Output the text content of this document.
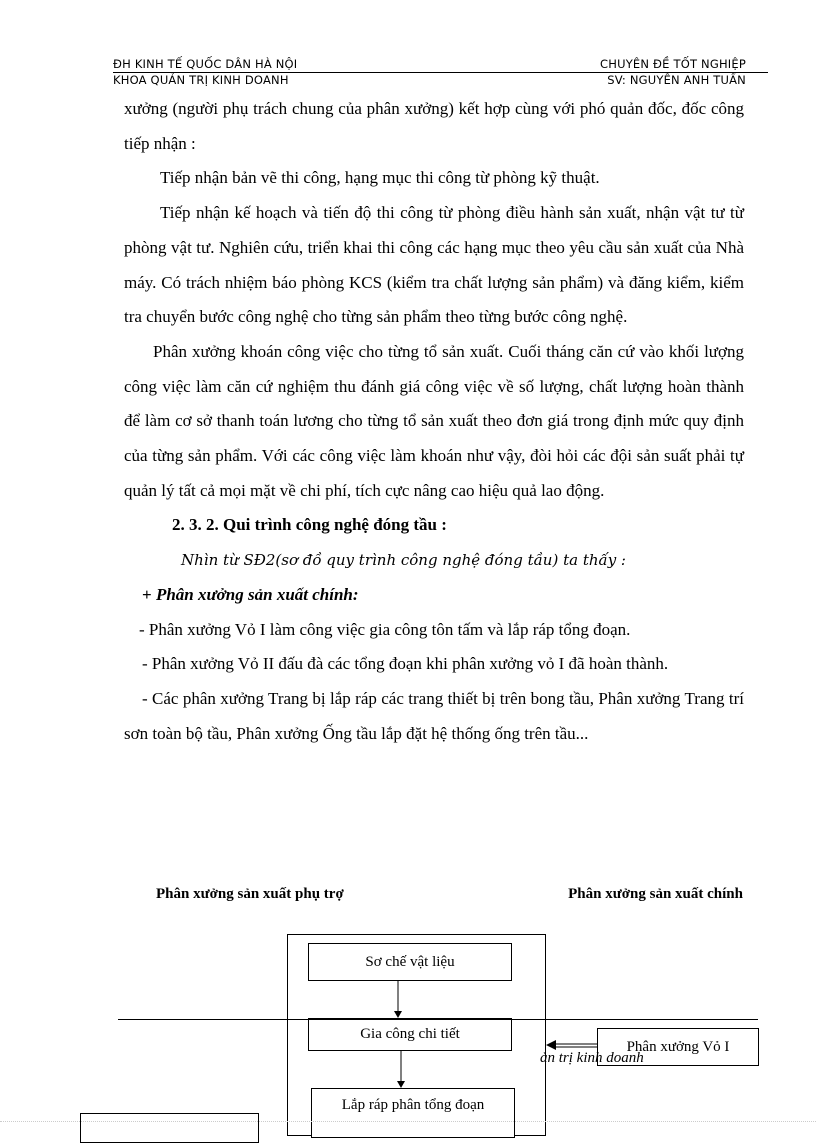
ĐH KINH TẾ QUỐC DÂN HÀ NỘI	CHUYÊN ĐỀ TỐT NGHIỆP
KHOA QUẢN TRỊ KINH DOANH	SV: NGUYỄN ANH TUẤN

xưởng (người phụ trách chung của phân xưởng) kết hợp cùng với phó quản đốc, đốc công tiếp nhận :

Tiếp nhận bản vẽ thi công, hạng mục thi công từ phòng kỹ thuật.

Tiếp nhận kế hoạch và tiến độ thi công từ phòng điều hành sản xuất, nhận vật tư từ phòng vật tư. Nghiên cứu, triển khai thi công các hạng mục theo yêu cầu sản xuất của Nhà máy. Có trách nhiệm báo phòng KCS (kiểm tra chất lượng sản phẩm) và đăng kiểm, kiểm tra chuyển bước công nghệ cho từng sản phẩm theo từng bước công nghệ.

Phân xưởng khoán công việc cho từng tổ sản xuất. Cuối tháng căn cứ vào khối lượng công việc làm căn cứ nghiệm thu đánh giá công việc về số lượng, chất lượng hoàn thành để làm cơ sở thanh toán lương cho từng tổ sản xuất theo đơn giá trong định mức quy định của từng sản phẩm. Với các công việc làm khoán như vậy, đòi hỏi các đội sản suất phải tự quản lý tất cả mọi mặt về chi phí, tích cực nâng cao hiệu quả lao động.

2. 3. 2. Qui trình công nghệ đóng tầu :

Nhìn từ SĐ2(sơ đồ quy trình công nghệ đóng tầu) ta thấy :

+ Phân xưởng sản xuất chính:

- Phân xưởng Vỏ I làm công việc gia công tôn tấm và lắp ráp tổng đoạn.

- Phân xưởng Vỏ II đấu đà các tổng đoạn khi phân xưởng vỏ I đã hoàn thành.

- Các phân xưởng Trang bị lắp ráp các trang thiết bị trên bong tầu, Phân xưởng Trang trí sơn toàn bộ tầu, Phân xưởng Ống tầu lắp đặt hệ thống ống trên tầu...

Phân xưởng sản xuất phụ trợ	Phân xưởng sản xuất chính
Sơ chế vật liệu
Gia công chi tiết
Lắp ráp phân tổng đoạn
Phân xưởng Vỏ I
ản trị kinh doanh
